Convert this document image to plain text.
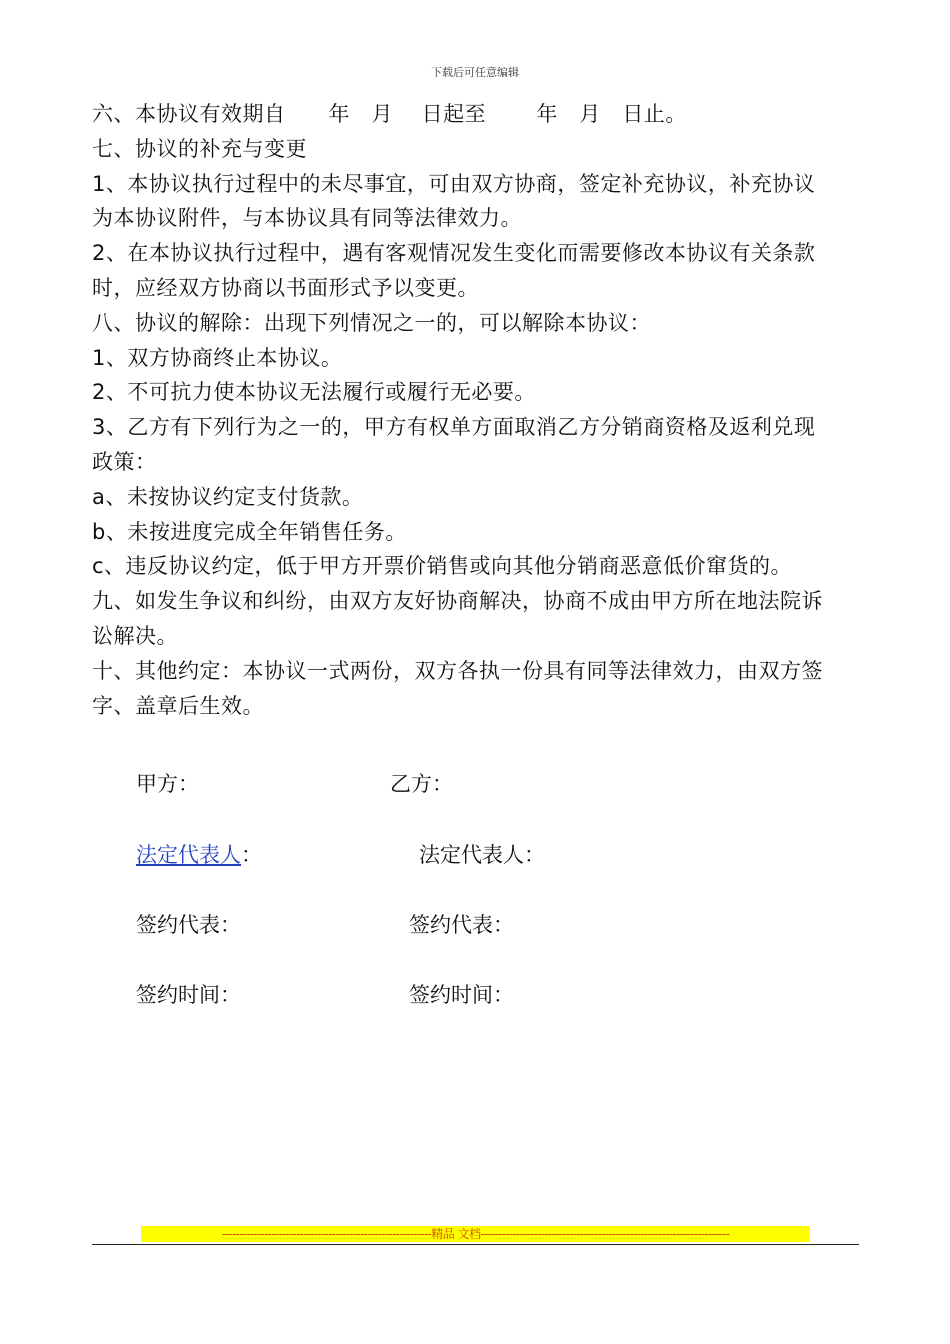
下载后可任意编辑

六、本协议有效期自　　年　月　 日起至　　 年　月　日止。

七、协议的补充与变更

1、本协议执行过程中的未尽事宜，可由双方协商，签定补充协议，补充协议

为本协议附件，与本协议具有同等法律效力。

2、在本协议执行过程中，遇有客观情况发生变化而需要修改本协议有关条款

时，应经双方协商以书面形式予以变更。

八、协议的解除：出现下列情况之一的，可以解除本协议：

1、双方协商终止本协议。

2、不可抗力使本协议无法履行或履行无必要。

3、乙方有下列行为之一的，甲方有权单方面取消乙方分销商资格及返利兑现

政策：

a、未按协议约定支付货款。

b、未按进度完成全年销售任务。

c、违反协议约定，低于甲方开票价销售或向其他分销商恶意低价窜货的。

九、如发生争议和纠纷，由双方友好协商解决，协商不成由甲方所在地法院诉

讼解决。

十、其他约定：本协议一式两份，双方各执一份具有同等法律效力，由双方签

字、盖章后生效。

甲方：	乙方：
法定代表人：	法定代表人：
签约代表：	签约代表：
签约时间：	签约时间：
-----------------------------------------------------------精品 文档----------------------------------------------------------------------
